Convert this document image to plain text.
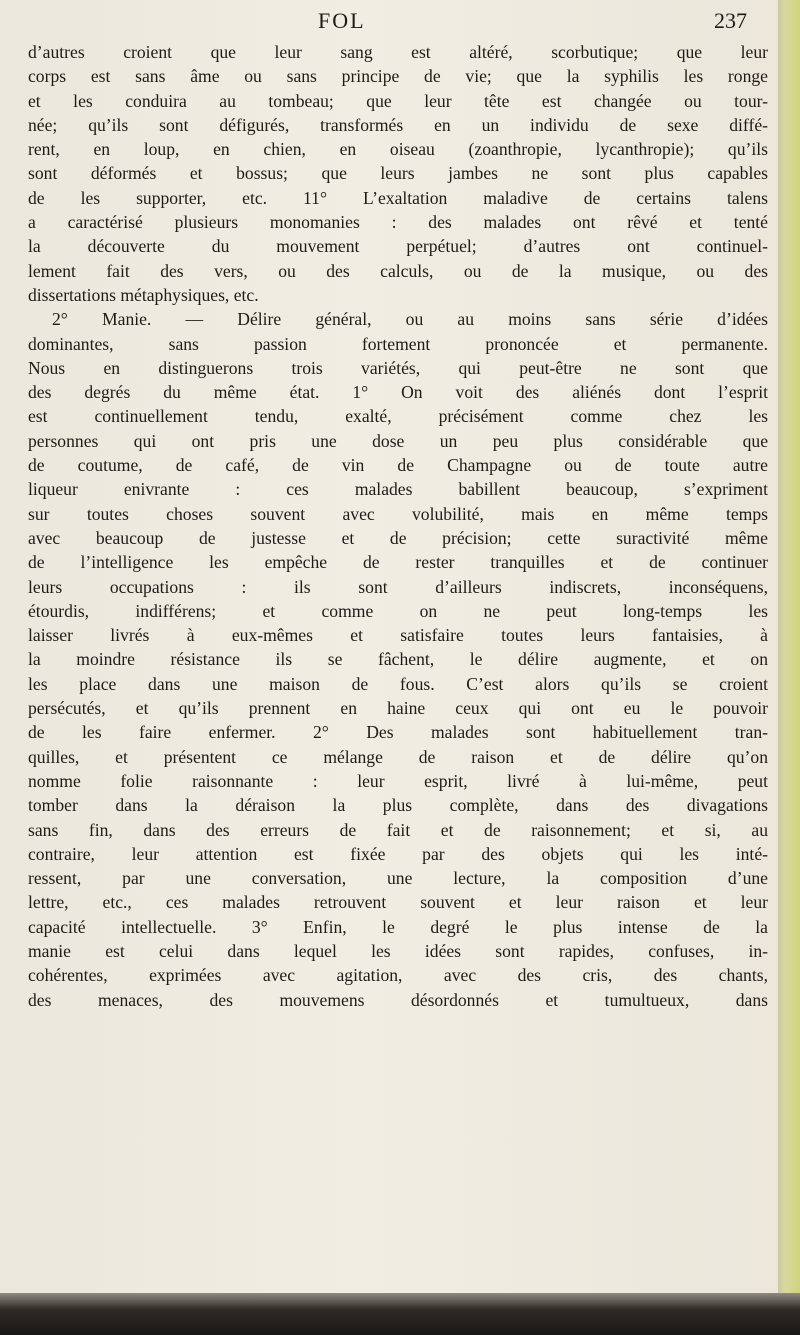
FOL	237
d’autres croient que leur sang est altéré, scorbutique; que leur
corps est sans âme ou sans principe de vie; que la syphilis les ronge
et les conduira au tombeau; que leur tête est changée ou tour-
née; qu’ils sont défigurés, transformés en un individu de sexe diffé-
rent, en loup, en chien, en oiseau (zoanthropie, lycanthropie); qu’ils
sont déformés et bossus; que leurs jambes ne sont plus capables
de les supporter, etc. 11° L’exaltation maladive de certains talens
a caractérisé plusieurs monomanies : des malades ont rêvé et tenté
la découverte du mouvement perpétuel; d’autres ont continuel-
lement fait des vers, ou des calculs, ou de la musique, ou des
dissertations métaphysiques, etc.
2° Manie. — Délire général, ou au moins sans série d’idées
dominantes, sans passion fortement prononcée et permanente.
Nous en distinguerons trois variétés, qui peut-être ne sont que
des degrés du même état. 1° On voit des aliénés dont l’esprit
est continuellement tendu, exalté, précisément comme chez les
personnes qui ont pris une dose un peu plus considérable que
de coutume, de café, de vin de Champagne ou de toute autre
liqueur enivrante : ces malades babillent beaucoup, s’expriment
sur toutes choses souvent avec volubilité, mais en même temps
avec beaucoup de justesse et de précision; cette suractivité même
de l’intelligence les empêche de rester tranquilles et de continuer
leurs occupations : ils sont d’ailleurs indiscrets, inconséquens,
étourdis, indifférens; et comme on ne peut long-temps les
laisser livrés à eux-mêmes et satisfaire toutes leurs fantaisies, à
la moindre résistance ils se fâchent, le délire augmente, et on
les place dans une maison de fous. C’est alors qu’ils se croient
persécutés, et qu’ils prennent en haine ceux qui ont eu le pouvoir
de les faire enfermer. 2° Des malades sont habituellement tran-
quilles, et présentent ce mélange de raison et de délire qu’on
nomme folie raisonnante : leur esprit, livré à lui-même, peut
tomber dans la déraison la plus complète, dans des divagations
sans fin, dans des erreurs de fait et de raisonnement; et si, au
contraire, leur attention est fixée par des objets qui les inté-
ressent, par une conversation, une lecture, la composition d’une
lettre, etc., ces malades retrouvent souvent et leur raison et leur
capacité intellectuelle. 3° Enfin, le degré le plus intense de la
manie est celui dans lequel les idées sont rapides, confuses, in-
cohérentes, exprimées avec agitation, avec des cris, des chants,
des menaces, des mouvemens désordonnés et tumultueux, dans
